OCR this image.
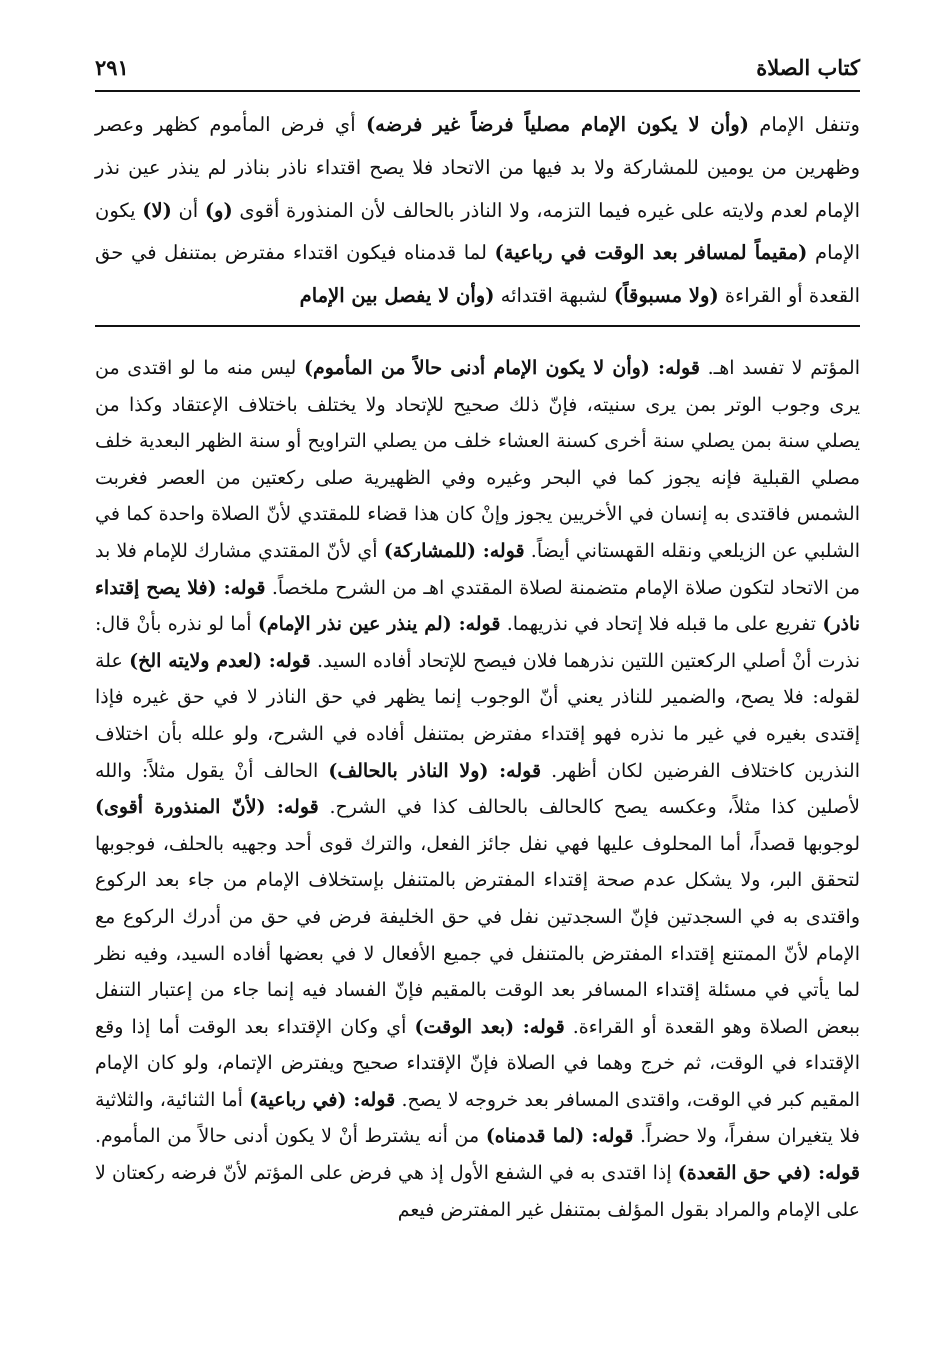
كتاب الصلاة
٢٩١

وتنفل الإمام (وأن لا يكون الإمام مصلياً فرضاً غير فرضه) أي فرض المأموم كظهر وعصر وظهرين من يومين للمشاركة ولا بد فيها من الاتحاد فلا يصح اقتداء ناذر بناذر لم ينذر عين نذر الإمام لعدم ولايته على غيره فيما التزمه، ولا الناذر بالحالف لأن المنذورة أقوى (و) أن (لا) يكون الإمام (مقيماً لمسافر بعد الوقت في رباعية) لما قدمناه فيكون اقتداء مفترض بمتنفل في حق القعدة أو القراءة (ولا مسبوقاً) لشبهة اقتدائه (وأن لا يفصل بين الإمام

المؤتم لا تفسد اهـ. قوله: (وأن لا يكون الإمام أدنى حالاً من المأموم) ليس منه ما لو اقتدى من يرى وجوب الوتر بمن يرى سنيته، فإنّ ذلك صحيح للإتحاد ولا يختلف باختلاف الإعتقاد وكذا من يصلي سنة بمن يصلي سنة أخرى كسنة العشاء خلف من يصلي التراويح أو سنة الظهر البعدية خلف مصلي القبلية فإنه يجوز كما في البحر وغيره وفي الظهيرية صلى ركعتين من العصر فغربت الشمس فاقتدى به إنسان في الأخريين يجوز وإنْ كان هذا قضاء للمقتدي لأنّ الصلاة واحدة كما في الشلبي عن الزيلعي ونقله القهستاني أيضاً. قوله: (للمشاركة) أي لأنّ المقتدي مشارك للإمام فلا بد من الاتحاد لتكون صلاة الإمام متضمنة لصلاة المقتدي اهـ من الشرح ملخصاً. قوله: (فلا يصح إقتداء ناذر) تفريع على ما قبله فلا إتحاد في نذريهما. قوله: (لم ينذر عين نذر الإمام) أما لو نذره بأنْ قال: نذرت أنْ أصلي الركعتين اللتين نذرهما فلان فيصح للإتحاد أفاده السيد. قوله: (لعدم ولايته الخ) علة لقوله: فلا يصح، والضمير للناذر يعني أنّ الوجوب إنما يظهر في حق الناذر لا في حق غيره فإذا إقتدى بغيره في غير ما نذره فهو إقتداء مفترض بمتنفل أفاده في الشرح، ولو علله بأن اختلاف النذرين كاختلاف الفرضين لكان أظهر. قوله: (ولا الناذر بالحالف) الحالف أنْ يقول مثلاً: والله لأصلين كذا مثلاً، وعكسه يصح كالحالف بالحالف كذا في الشرح. قوله: (لأنّ المنذورة أقوى) لوجوبها قصداً، أما المحلوف عليها فهي نفل جائز الفعل، والترك قوى أحد وجهيه بالحلف، فوجوبها لتحقق البر، ولا يشكل عدم صحة إقتداء المفترض بالمتنفل بإستخلاف الإمام من جاء بعد الركوع واقتدى به في السجدتين فإنّ السجدتين نفل في حق الخليفة فرض في حق من أدرك الركوع مع الإمام لأنّ الممتنع إقتداء المفترض بالمتنفل في جميع الأفعال لا في بعضها أفاده السيد، وفيه نظر لما يأتي في مسئلة إقتداء المسافر بعد الوقت بالمقيم فإنّ الفساد فيه إنما جاء من إعتبار التنفل ببعض الصلاة وهو القعدة أو القراءة. قوله: (بعد الوقت) أي وكان الإقتداء بعد الوقت أما إذا وقع الإقتداء في الوقت، ثم خرج وهما في الصلاة فإنّ الإقتداء صحيح ويفترض الإتمام، ولو كان الإمام المقيم كبر في الوقت، واقتدى المسافر بعد خروجه لا يصح. قوله: (في رباعية) أما الثنائية، والثلاثية فلا يتغيران سفراً، ولا حضراً. قوله: (لما قدمناه) من أنه يشترط أنْ لا يكون أدنى حالاً من المأموم. قوله: (في حق القعدة) إذا اقتدى به في الشفع الأول إذ هي فرض على المؤتم لأنّ فرضه ركعتان لا على الإمام والمراد بقول المؤلف بمتنفل غير المفترض فيعم
